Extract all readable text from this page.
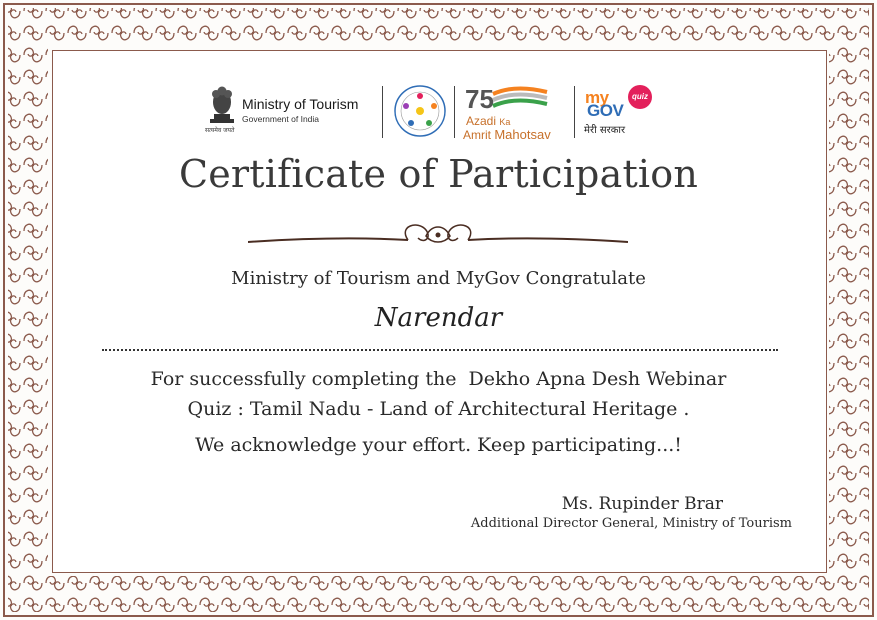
सत्यमेव जयते
Ministry of Tourism
Government of India
75
Azadi Ka
Amrit Mahotsav
my
GOV
quiz
मेरी सरकार
Certificate of Participation
Ministry of Tourism and MyGov Congratulate
Narendar
For successfully completing the  Dekho Apna Desh Webinar
Quiz : Tamil Nadu - Land of Architectural Heritage .
We acknowledge your effort. Keep participating...!
Ms. Rupinder Brar
Additional Director General, Ministry of Tourism
